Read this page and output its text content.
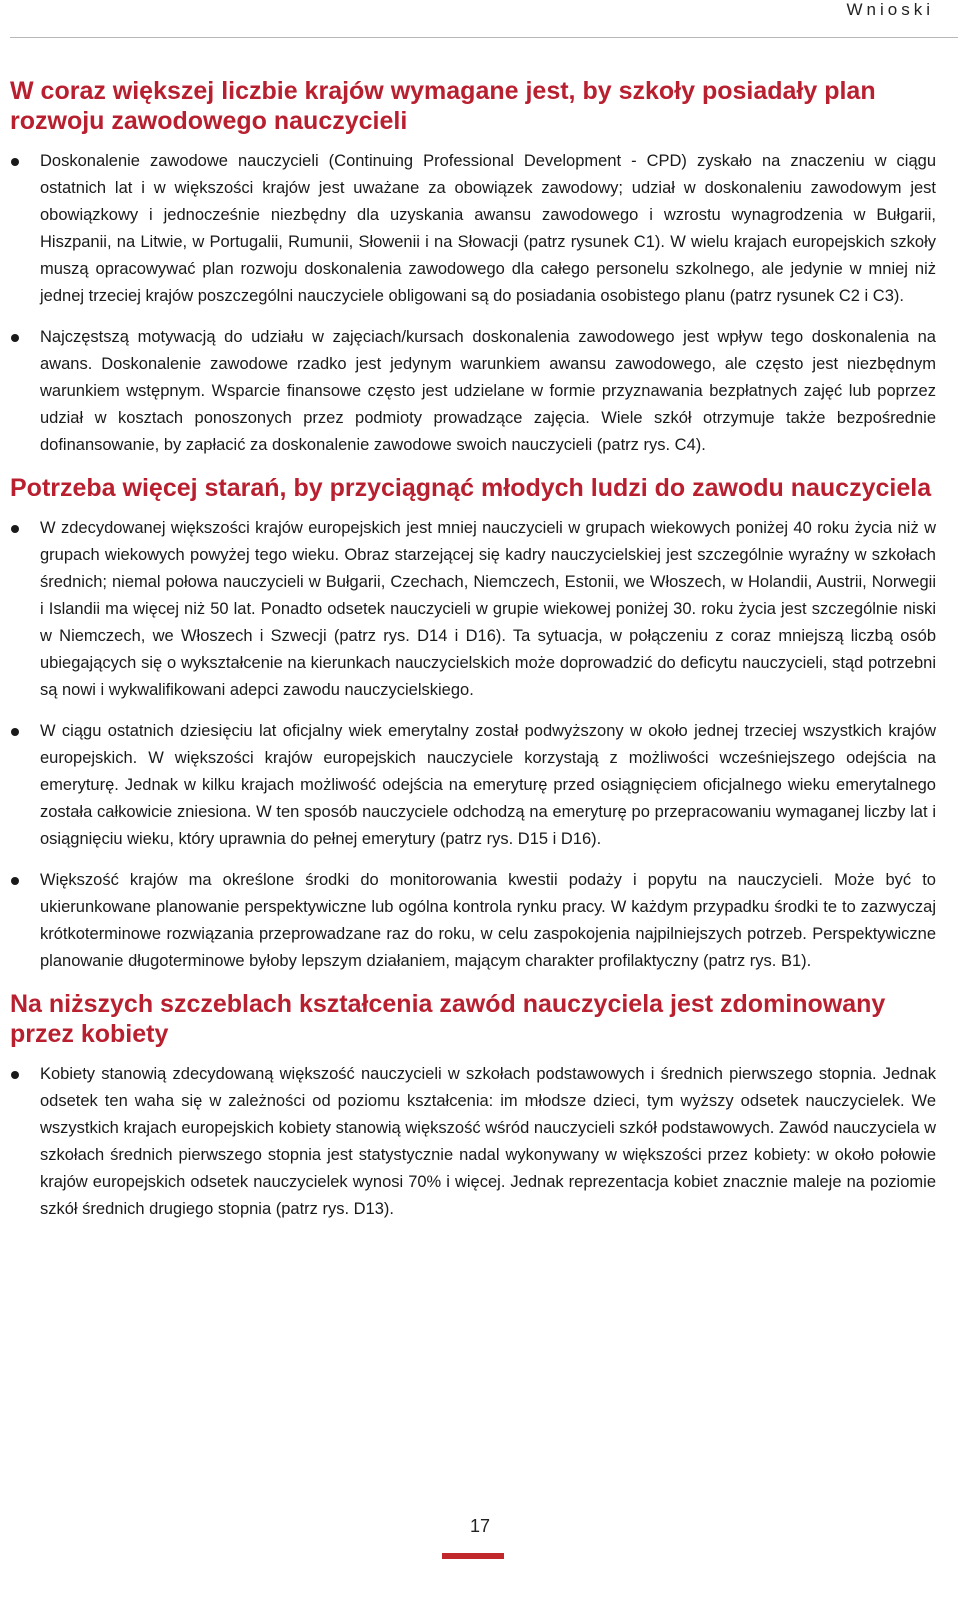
Wnioski
W coraz większej liczbie krajów wymagane jest, by szkoły posiadały plan rozwoju zawodowego nauczycieli
Doskonalenie zawodowe nauczycieli (Continuing Professional Development - CPD) zyskało na znaczeniu w ciągu ostatnich lat i w większości krajów jest uważane za obowiązek zawodowy; udział w doskonaleniu zawodowym jest obowiązkowy i jednocześnie niezbędny dla uzyskania awansu zawodowego i wzrostu wynagrodzenia w Bułgarii, Hiszpanii, na Litwie, w Portugalii, Rumunii, Słowenii i na Słowacji (patrz rysunek C1). W wielu krajach europejskich szkoły muszą opracowywać plan rozwoju doskonalenia zawodowego dla całego personelu szkolnego, ale jedynie w mniej niż jednej trzeciej krajów poszczególni nauczyciele obligowani są do posiadania osobistego planu (patrz rysunek C2 i C3).
Najczęstszą motywacją do udziału w zajęciach/kursach doskonalenia zawodowego jest wpływ tego doskonalenia na awans. Doskonalenie zawodowe rzadko jest jedynym warunkiem awansu zawodowego, ale często jest niezbędnym warunkiem wstępnym. Wsparcie finansowe często jest udzielane w formie przyznawania bezpłatnych zajęć lub poprzez udział w kosztach ponoszonych przez podmioty prowadzące zajęcia. Wiele szkół otrzymuje także bezpośrednie dofinansowanie, by zapłacić za doskonalenie zawodowe swoich nauczycieli (patrz rys. C4).
Potrzeba więcej starań, by przyciągnąć młodych ludzi do zawodu nauczyciela
W zdecydowanej większości krajów europejskich jest mniej nauczycieli w grupach wiekowych poniżej 40 roku życia niż w grupach wiekowych powyżej tego wieku. Obraz starzejącej się kadry nauczycielskiej jest szczególnie wyraźny w szkołach średnich; niemal połowa nauczycieli w Bułgarii, Czechach, Niemczech, Estonii, we Włoszech, w Holandii, Austrii, Norwegii i Islandii ma więcej niż 50 lat. Ponadto odsetek nauczycieli w grupie wiekowej poniżej 30. roku życia jest szczególnie niski w Niemczech, we Włoszech i Szwecji (patrz rys. D14 i D16). Ta sytuacja, w połączeniu z coraz mniejszą liczbą osób ubiegających się o wykształcenie na kierunkach nauczycielskich może doprowadzić do deficytu nauczycieli, stąd potrzebni są nowi i wykwalifikowani adepci zawodu nauczycielskiego.
W ciągu ostatnich dziesięciu lat oficjalny wiek emerytalny został podwyższony w około jednej trzeciej wszystkich krajów europejskich. W większości krajów europejskich nauczyciele korzystają z możliwości wcześniejszego odejścia na emeryturę. Jednak w kilku krajach możliwość odejścia na emeryturę przed osiągnięciem oficjalnego wieku emerytalnego została całkowicie zniesiona. W ten sposób nauczyciele odchodzą na emeryturę po przepracowaniu wymaganej liczby lat i osiągnięciu wieku, który uprawnia do pełnej emerytury (patrz rys. D15 i D16).
Większość krajów ma określone środki do monitorowania kwestii podaży i popytu na nauczycieli. Może być to ukierunkowane planowanie perspektywiczne lub ogólna kontrola rynku pracy. W każdym przypadku środki te to zazwyczaj krótkoterminowe rozwiązania przeprowadzane raz do roku, w celu zaspokojenia najpilniejszych potrzeb. Perspektywiczne planowanie długoterminowe byłoby lepszym działaniem, mającym charakter profilaktyczny (patrz rys. B1).
Na niższych szczeblach kształcenia zawód nauczyciela jest zdominowany przez kobiety
Kobiety stanowią zdecydowaną większość nauczycieli w szkołach podstawowych i średnich pierwszego stopnia. Jednak odsetek ten waha się w zależności od poziomu kształcenia: im młodsze dzieci, tym wyższy odsetek nauczycielek. We wszystkich krajach europejskich kobiety stanowią większość wśród nauczycieli szkół podstawowych. Zawód nauczyciela w szkołach średnich pierwszego stopnia jest statystycznie nadal wykonywany w większości przez kobiety: w około połowie krajów europejskich odsetek nauczycielek wynosi 70% i więcej. Jednak reprezentacja kobiet znacznie maleje na poziomie szkół średnich drugiego stopnia (patrz rys. D13).
17
